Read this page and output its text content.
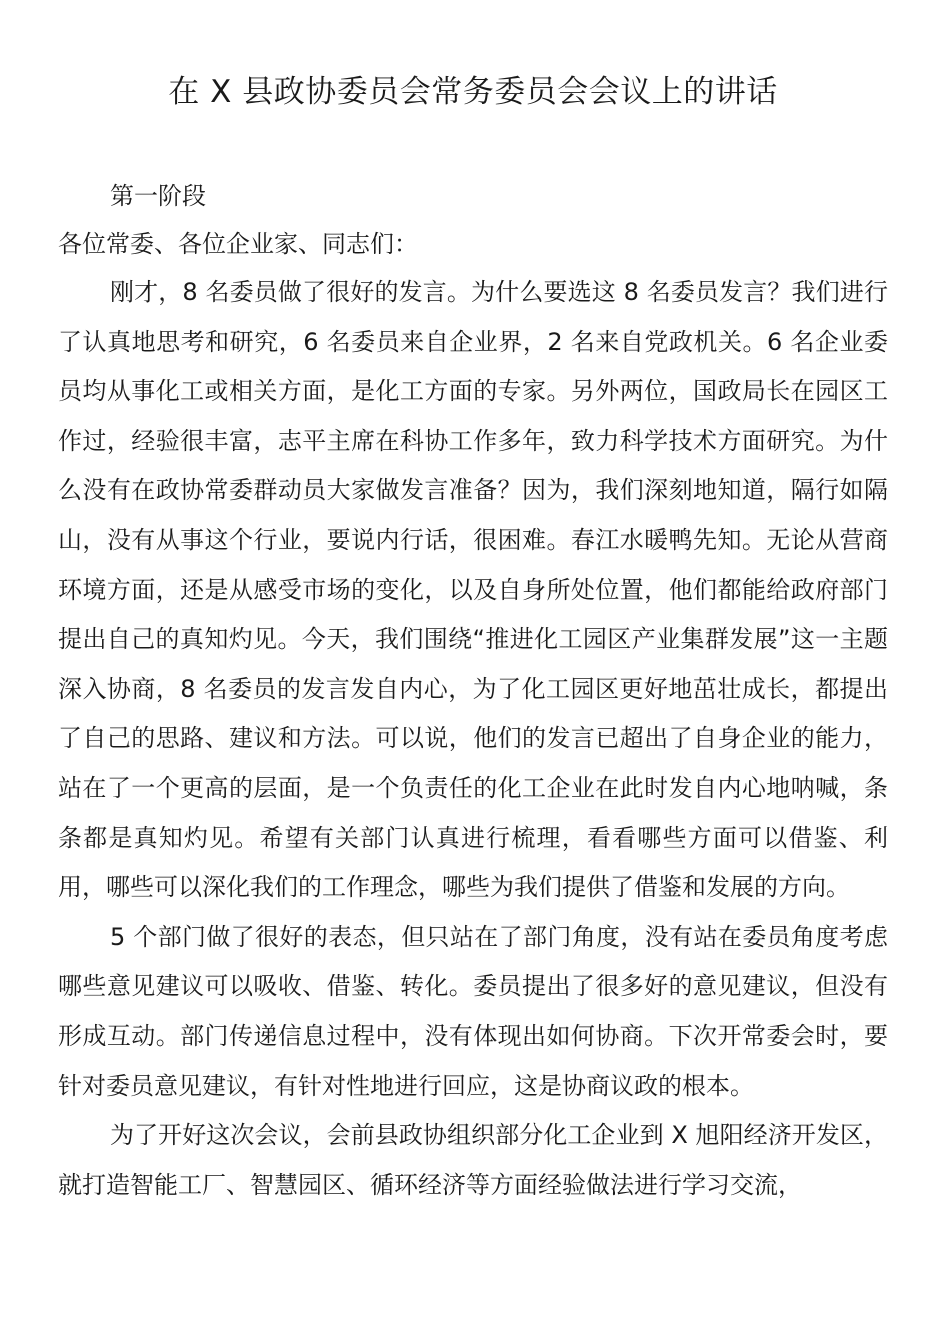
在 X 县政协委员会常务委员会会议上的讲话

第一阶段

各位常委、各位企业家、同志们：

刚才，8 名委员做了很好的发言。为什么要选这 8 名委员发言？我们进行了认真地思考和研究，6 名委员来自企业界，2 名来自党政机关。6 名企业委员均从事化工或相关方面，是化工方面的专家。另外两位，国政局长在园区工作过，经验很丰富，志平主席在科协工作多年，致力科学技术方面研究。为什么没有在政协常委群动员大家做发言准备？因为，我们深刻地知道，隔行如隔山，没有从事这个行业，要说内行话，很困难。春江水暖鸭先知。无论从营商环境方面，还是从感受市场的变化，以及自身所处位置，他们都能给政府部门提出自己的真知灼见。今天，我们围绕“推进化工园区产业集群发展”这一主题深入协商，8 名委员的发言发自内心，为了化工园区更好地茁壮成长，都提出了自己的思路、建议和方法。可以说，他们的发言已超出了自身企业的能力，站在了一个更高的层面，是一个负责任的化工企业在此时发自内心地呐喊，条条都是真知灼见。希望有关部门认真进行梳理，看看哪些方面可以借鉴、利用，哪些可以深化我们的工作理念，哪些为我们提供了借鉴和发展的方向。

5 个部门做了很好的表态，但只站在了部门角度，没有站在委员角度考虑哪些意见建议可以吸收、借鉴、转化。委员提出了很多好的意见建议，但没有形成互动。部门传递信息过程中，没有体现出如何协商。下次开常委会时，要针对委员意见建议，有针对性地进行回应，这是协商议政的根本。

为了开好这次会议，会前县政协组织部分化工企业到 X 旭阳经济开发区，就打造智能工厂、智慧园区、循环经济等方面经验做法进行学习交流，
